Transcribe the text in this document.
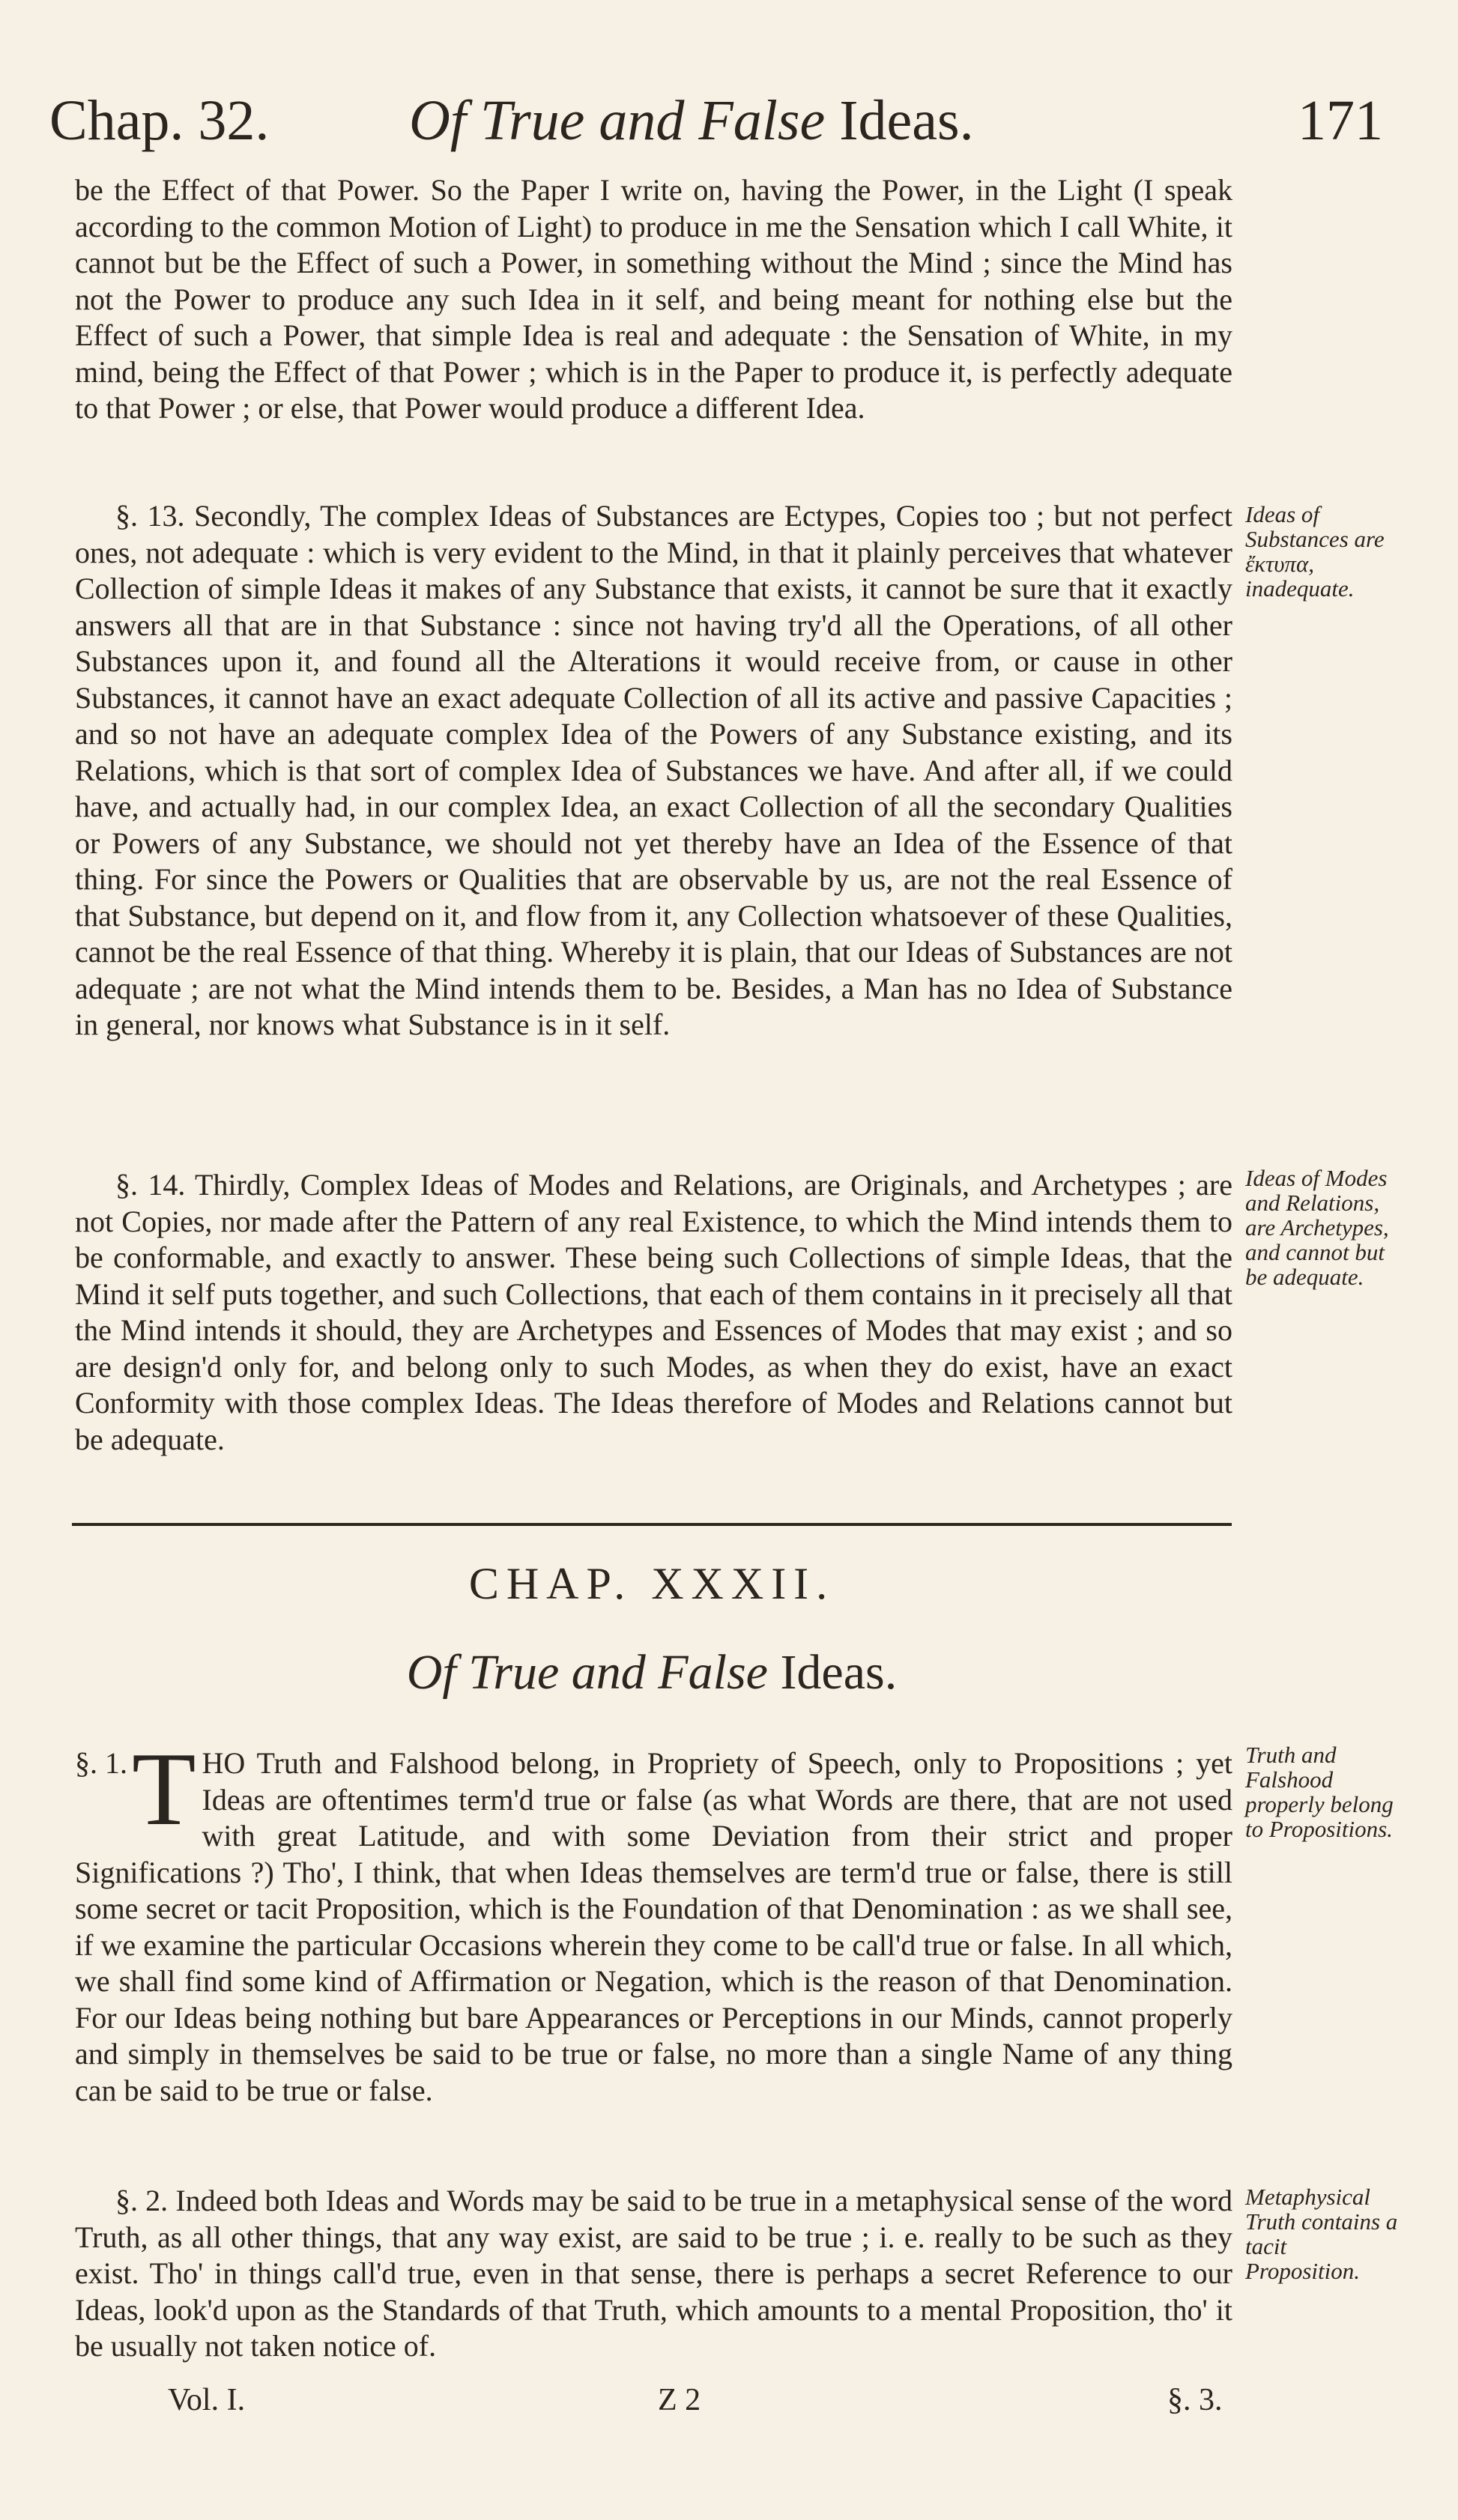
Chap. 32. Of True and False Ideas.	171

be the Effect of that Power. So the Paper I write on, having the Power, in the Light (I speak according to the common Motion of Light) to produce in me the Sensation which I call White, it cannot but be the Effect of such a Power, in something without the Mind ; since the Mind has not the Power to produce any such Idea in it self, and being meant for nothing else but the Effect of such a Power, that simple Idea is real and adequate : the Sensation of White, in my mind, being the Effect of that Power ; which is in the Paper to produce it, is perfectly adequate to that Power ; or else, that Power would produce a different Idea.

§. 13. Secondly, The complex Ideas of Substances are Ectypes, Copies too ; but not perfect ones, not adequate : which is very evident to the Mind, in that it plainly perceives that whatever Collection of simple Ideas it makes of any Substance that exists, it cannot be sure that it exactly answers all that are in that Substance : since not having try'd all the Operations, of all other Substances upon it, and found all the Alterations it would receive from, or cause in other Substances, it cannot have an exact adequate Collection of all its active and passive Capacities ; and so not have an adequate complex Idea of the Powers of any Substance existing, and its Relations, which is that sort of complex Idea of Substances we have. And after all, if we could have, and actually had, in our complex Idea, an exact Collection of all the secondary Qualities or Powers of any Substance, we should not yet thereby have an Idea of the Essence of that thing. For since the Powers or Qualities that are observable by us, are not the real Essence of that Substance, but depend on it, and flow from it, any Collection whatsoever of these Qualities, cannot be the real Essence of that thing. Whereby it is plain, that our Ideas of Substances are not adequate ; are not what the Mind intends them to be. Besides, a Man has no Idea of Substance in general, nor knows what Substance is in it self.

§. 14. Thirdly, Complex Ideas of Modes and Relations, are Originals, and Archetypes ; are not Copies, nor made after the Pattern of any real Existence, to which the Mind intends them to be conformable, and exactly to answer. These being such Collections of simple Ideas, that the Mind it self puts together, and such Collections, that each of them contains in it precisely all that the Mind intends it should, they are Archetypes and Essences of Modes that may exist ; and so are design'd only for, and belong only to such Modes, as when they do exist, have an exact Conformity with those complex Ideas. The Ideas therefore of Modes and Relations cannot but be adequate.

Ideas of Substances are ἔκτυπα, inadequate.
Ideas of Modes and Relations, are Archetypes, and cannot but be adequate.
CHAP. XXXII.
Of True and False Ideas.

§. 1. T HO Truth and Falshood belong, in Propriety of Speech, only to Propositions ; yet Ideas are oftentimes term'd true or false (as what Words are there, that are not used with great Latitude, and with some Deviation from their strict and proper Significations ?) Tho', I think, that when Ideas themselves are term'd true or false, there is still some secret or tacit Proposition, which is the Foundation of that Denomination : as we shall see, if we examine the particular Occasions wherein they come to be call'd true or false. In all which, we shall find some kind of Affirmation or Negation, which is the reason of that Denomination. For our Ideas being nothing but bare Appearances or Perceptions in our Minds, cannot properly and simply in themselves be said to be true or false, no more than a single Name of any thing can be said to be true or false.

§. 2. Indeed both Ideas and Words may be said to be true in a metaphysical sense of the word Truth, as all other things, that any way exist, are said to be true ; i. e. really to be such as they exist. Tho' in things call'd true, even in that sense, there is perhaps a secret Reference to our Ideas, look'd upon as the Standards of that Truth, which amounts to a mental Proposition, tho' it be usually not taken notice of.

Truth and Falshood properly belong to Propositions.
Metaphysical Truth contains a tacit Proposition.
Vol. I.	Z 2	§. 3.
